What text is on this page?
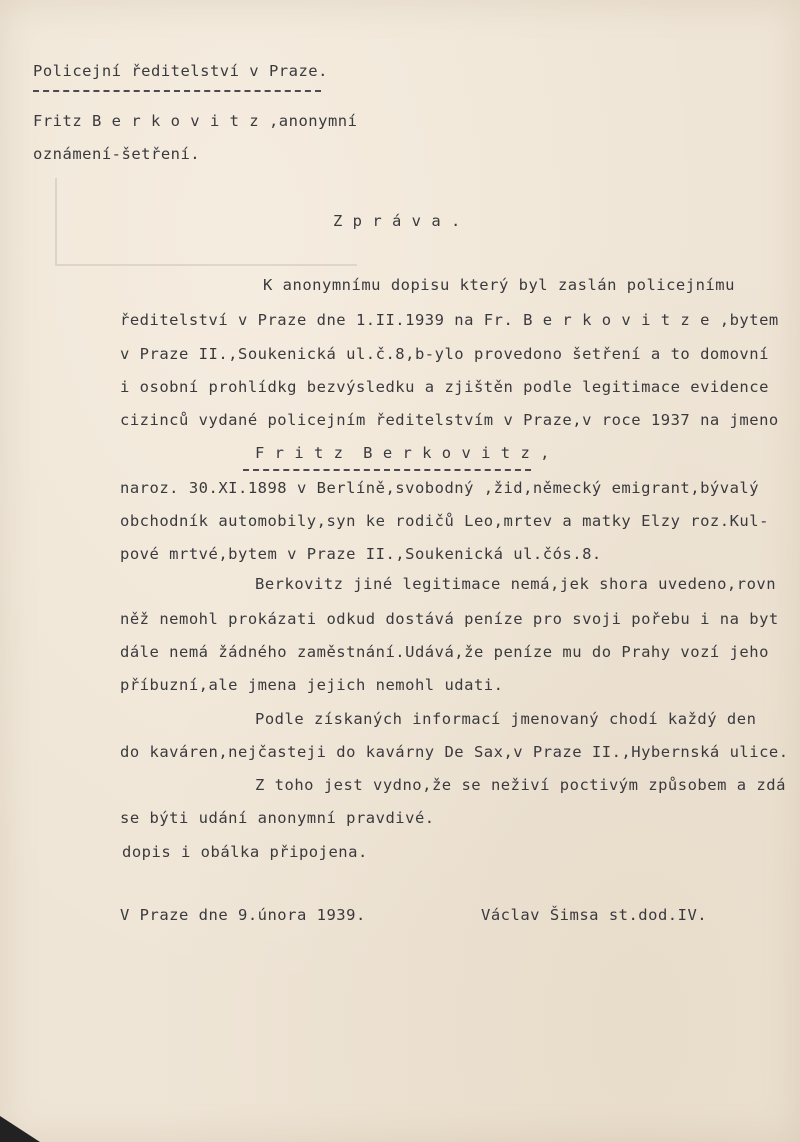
Policejní ředitelství v Praze.
Fritz B e r k o v i t z ,anonymní
oznámení-šetření.
Z p r á v a .
K anonymnímu dopisu který byl zaslán policejnímu
ředitelství v Praze dne 1.II.1939 na Fr. B e r k o v i t z e ,bytem
v Praze II.,Soukenická ul.č.8,b-ylo provedono šetření a to domovní
i osobní prohlídkg bezvýsledku a zjištěn podle legitimace evidence
cizinců vydané policejním ředitelstvím v Praze,v roce 1937 na jmeno
F r i t z  B e r k o v i t z ,
naroz. 30.XI.1898 v Berlíně,svobodný ,žid,německý emigrant,bývalý
obchodník automobily,syn ke rodičů Leo,mrtev a matky Elzy roz.Kul-
pové mrtvé,bytem v Praze II.,Soukenická ul.čós.8.
Berkovitz jiné legitimace nemá,jek shora uvedeno,rovn
něž nemohl prokázati odkud dostává peníze pro svoji pořebu i na byt
dále nemá žádného zaměstnání.Udává,že peníze mu do Prahy vozí jeho
příbuzní,ale jmena jejich nemohl udati.
Podle získaných informací jmenovaný chodí každý den
do kaváren,nejčasteji do kavárny De Sax,v Praze II.,Hybernská ulice.
Z toho jest vydno,že se neživí poctivým způsobem a zdá
se býti udání anonymní pravdivé.
dopis i obálka připojena.
V Praze dne 9.února 1939.	Václav Šimsa st.dod.IV.
